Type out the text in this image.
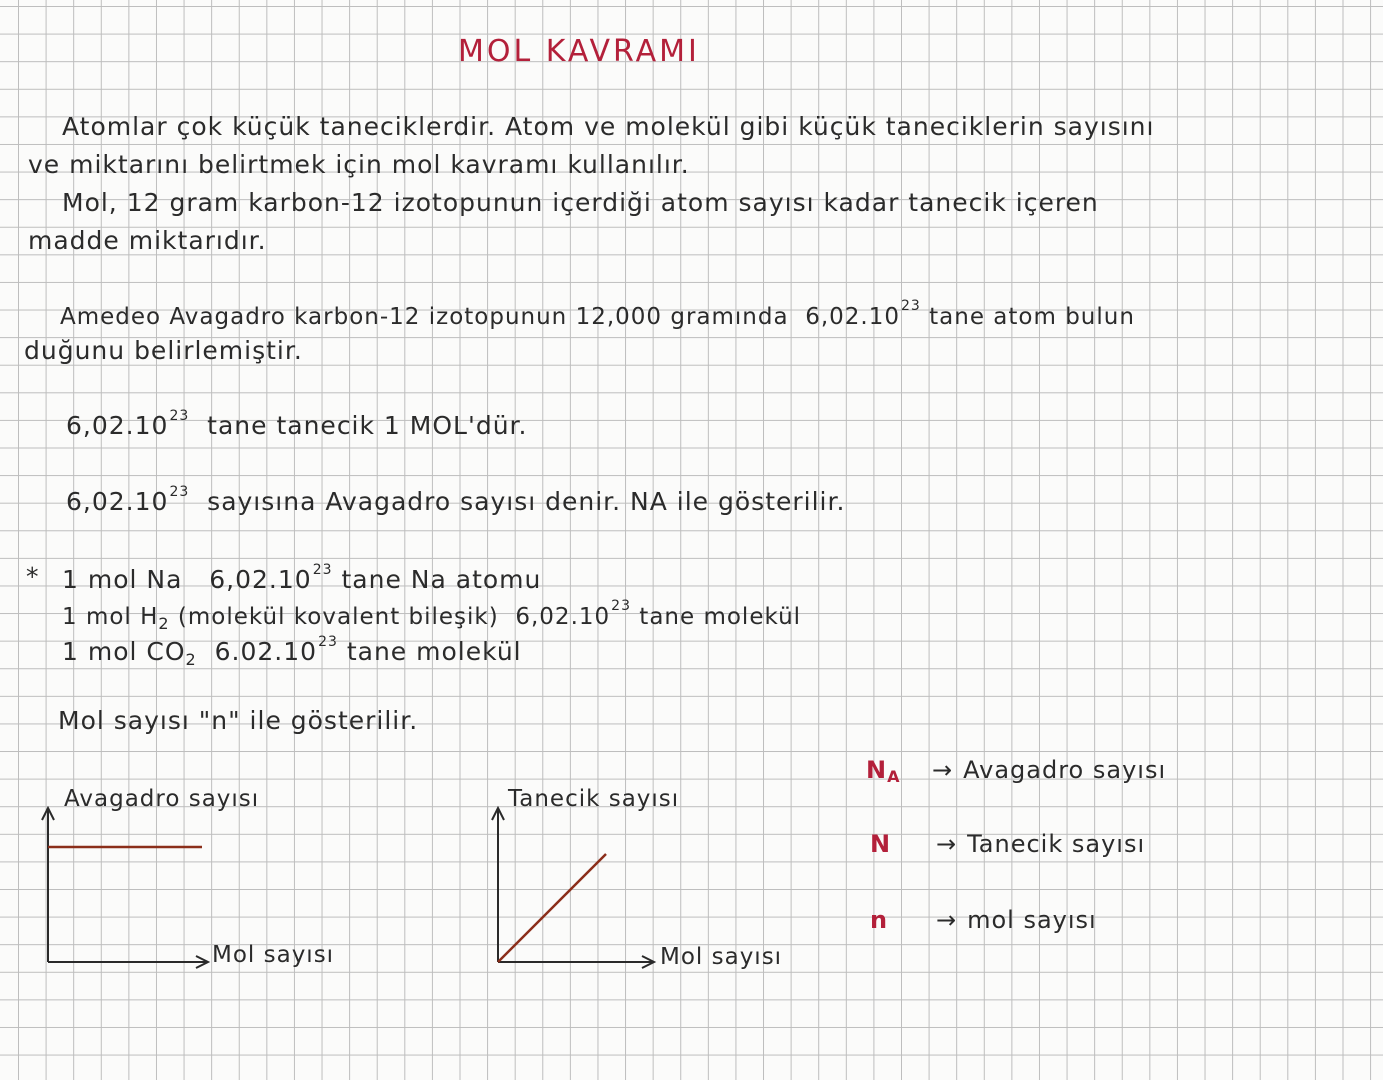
MOL KAVRAMI
Atomlar çok küçük taneciklerdir. Atom ve molekül gibi küçük taneciklerin sayısını
ve miktarını belirtmek için mol kavramı kullanılır.
Mol, 12 gram karbon-12 izotopunun içerdiği atom sayısı kadar tanecik içeren
madde miktarıdır.
Amedeo Avagadro karbon-12 izotopunun 12,000 gramında 6,02.10$^{23}$ tane atom bulun
duğunu belirlemiştir.
6,02.10$^{23}$ tane tanecik 1 MOL'dür.
6,02.10$^{23}$ sayısına Avagadro sayısı denir. NA ile gösterilir.
* 1 mol Na 6,02.10$^{23}$ tane Na atomu
1 mol $H_2$ (molekül kovalent bileşik) 6,02.10$^{23}$ tane molekül
1 mol $CO_2$ 6.02.10$^{23}$ tane molekül
Mol sayısı "n" ile gösterilir.
Avagadro sayısı
Mol sayısı
Tanecik sayısı
Mol sayısı
$N_A$ → Avagadro sayısı
N → Tanecik sayısı
n → mol sayısı
